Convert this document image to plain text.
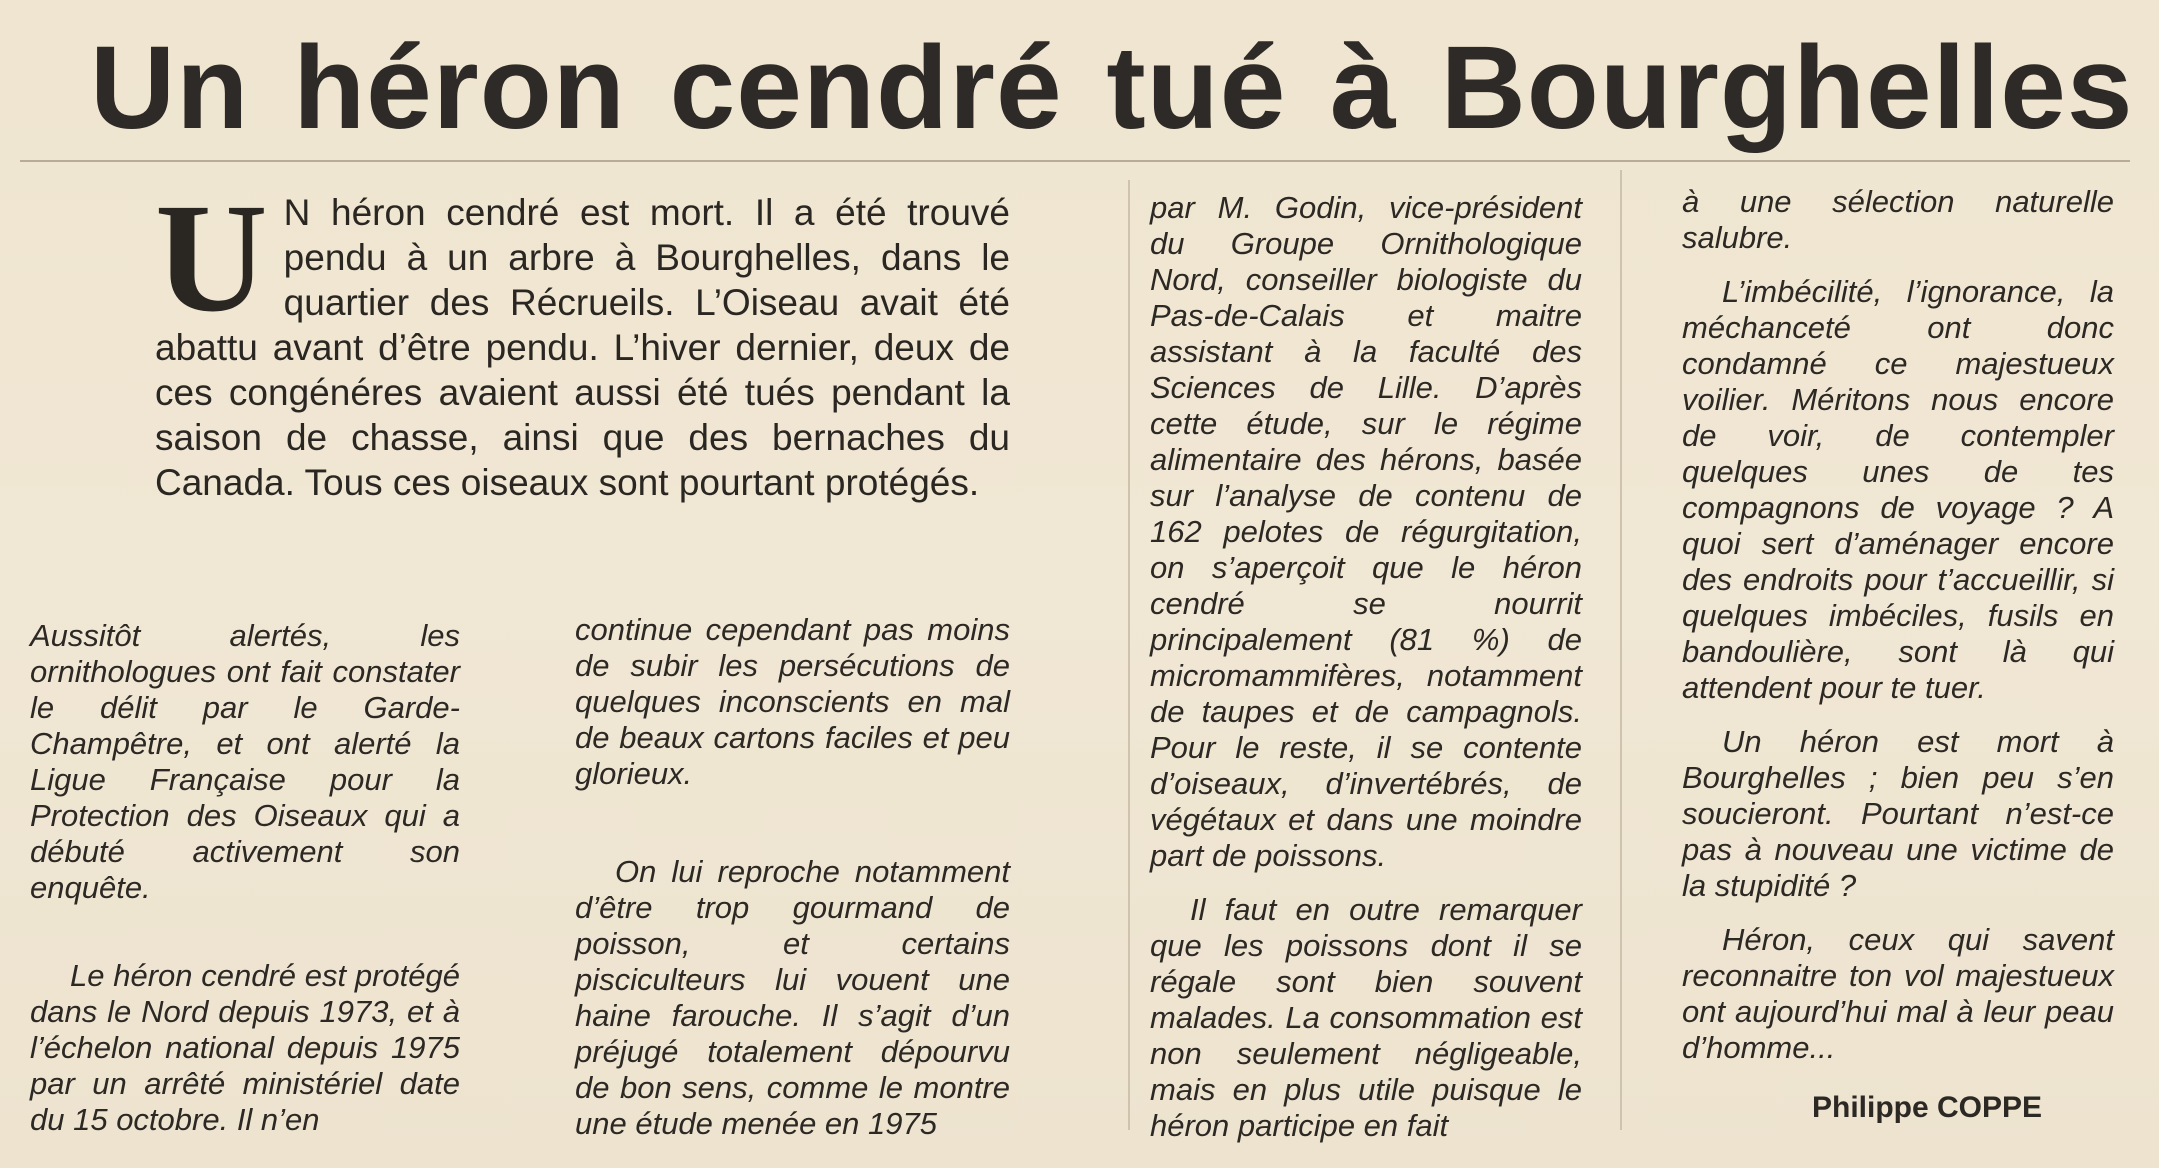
Un héron cendré tué à Bourghelles

U N héron cendré est mort. Il a été trouvé pendu à un arbre à Bourghelles, dans le quartier des Récrueils. L’Oiseau avait été abattu avant d’être pendu. L’hiver dernier, deux de ces congénéres avaient aussi été tués pendant la saison de chasse, ainsi que des bernaches du Canada. Tous ces oiseaux sont pourtant protégés.

Aussitôt alertés, les ornithologues ont fait constater le délit par le Garde-Champêtre, et ont alerté la Ligue Française pour la Protection des Oiseaux qui a débuté activement son enquête.

Le héron cendré est protégé dans le Nord depuis 1973, et à l’échelon national depuis 1975 par un arrêté ministériel date du 15 octobre. Il n’en

continue cependant pas moins de subir les persécutions de quelques inconscients en mal de beaux cartons faciles et peu glorieux.

On lui reproche notamment d’être trop gourmand de poisson, et certains pisciculteurs lui vouent une haine farouche. Il s’agit d’un préjugé totalement dépourvu de bon sens, comme le montre une étude menée en 1975

par M. Godin, vice-président du Groupe Ornithologique Nord, conseiller biologiste du Pas-de-Calais et maitre assistant à la faculté des Sciences de Lille. D’après cette étude, sur le régime alimentaire des hérons, basée sur l’analyse de contenu de 162 pelotes de régurgitation, on s’aperçoit que le héron cendré se nourrit principalement (81 %) de micromammifères, notamment de taupes et de campagnols. Pour le reste, il se contente d’oiseaux, d’invertébrés, de végétaux et dans une moindre part de poissons.

Il faut en outre remarquer que les poissons dont il se régale sont bien souvent malades. La consommation est non seulement négligeable, mais en plus utile puisque le héron participe en fait

à une sélection naturelle salubre.

L’imbécilité, l’ignorance, la méchanceté ont donc condamné ce majestueux voilier. Méritons nous encore de voir, de contempler quelques unes de tes compagnons de voyage ? A quoi sert d’aménager encore des endroits pour t’accueillir, si quelques imbéciles, fusils en bandoulière, sont là qui attendent pour te tuer.

Un héron est mort à Bourghelles ; bien peu s’en soucieront. Pourtant n’est-ce pas à nouveau une victime de la stupidité ?

Héron, ceux qui savent reconnaitre ton vol majestueux ont aujourd’hui mal à leur peau d’homme...

Philippe COPPE
